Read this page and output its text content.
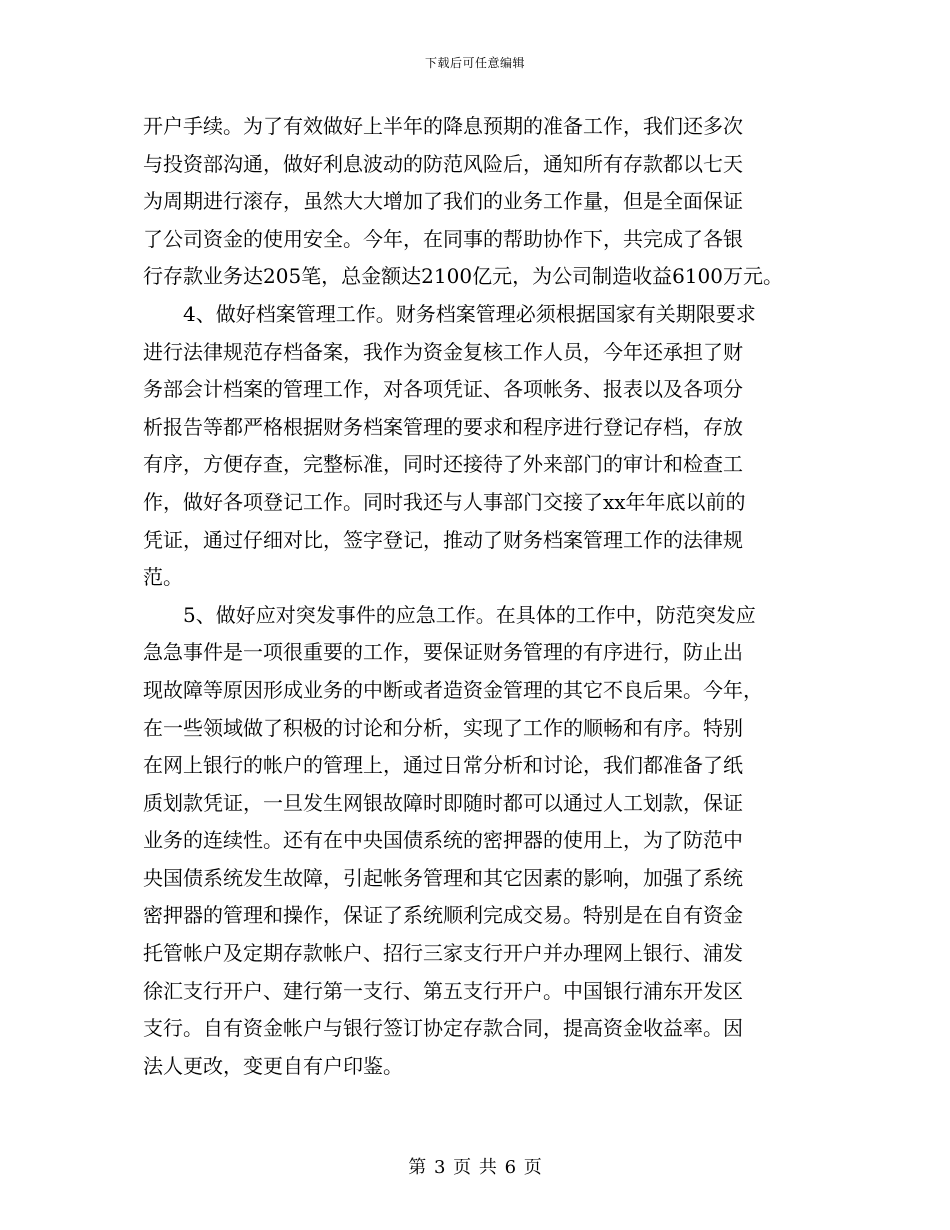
下载后可任意编辑
开户手续。为了有效做好上半年的降息预期的准备工作，我们还多次
与投资部沟通，做好利息波动的防范风险后，通知所有存款都以七天
为周期进行滚存，虽然大大增加了我们的业务工作量，但是全面保证
了公司资金的使用安全。今年，在同事的帮助协作下，共完成了各银
行存款业务达205笔，总金额达2100亿元，为公司制造收益6100万元。
4、做好档案管理工作。财务档案管理必须根据国家有关期限要求
进行法律规范存档备案，我作为资金复核工作人员，今年还承担了财
务部会计档案的管理工作，对各项凭证、各项帐务、报表以及各项分
析报告等都严格根据财务档案管理的要求和程序进行登记存档，存放
有序，方便存查，完整标准，同时还接待了外来部门的审计和检查工
作，做好各项登记工作。同时我还与人事部门交接了xx年年底以前的
凭证，通过仔细对比，签字登记，推动了财务档案管理工作的法律规
范。
5、做好应对突发事件的应急工作。在具体的工作中，防范突发应
急急事件是一项很重要的工作，要保证财务管理的有序进行，防止出
现故障等原因形成业务的中断或者造资金管理的其它不良后果。今年，
在一些领域做了积极的讨论和分析，实现了工作的顺畅和有序。特别
在网上银行的帐户的管理上，通过日常分析和讨论，我们都准备了纸
质划款凭证，一旦发生网银故障时即随时都可以通过人工划款，保证
业务的连续性。还有在中央国债系统的密押器的使用上，为了防范中
央国债系统发生故障，引起帐务管理和其它因素的影响，加强了系统
密押器的管理和操作，保证了系统顺利完成交易。特别是在自有资金
托管帐户及定期存款帐户、招行三家支行开户并办理网上银行、浦发
徐汇支行开户、建行第一支行、第五支行开户。中国银行浦东开发区
支行。自有资金帐户与银行签订协定存款合同，提高资金收益率。因
法人更改，变更自有户印鉴。
第 3 页 共 6 页
